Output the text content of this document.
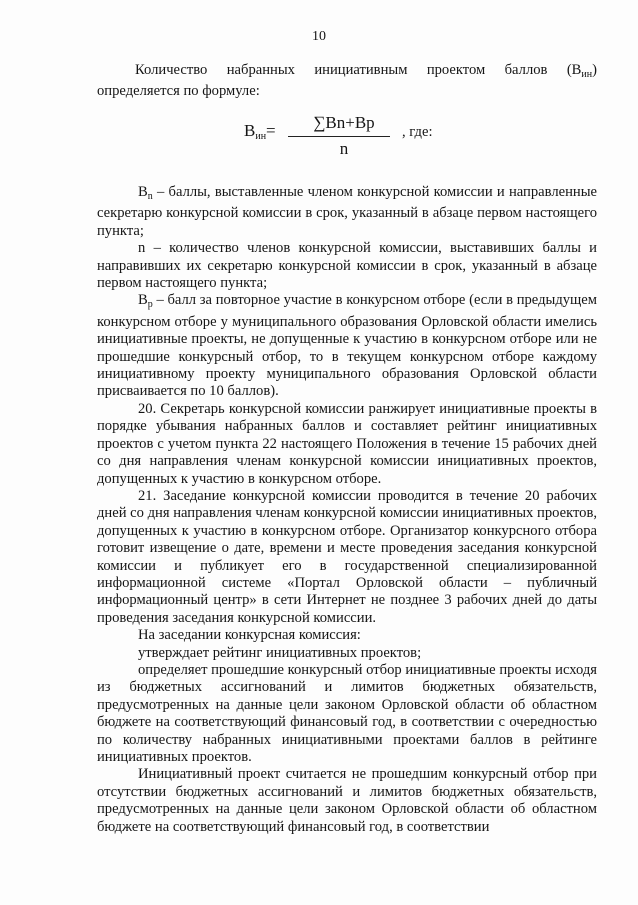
10

Количество набранных инициативным проектом баллов $(В_{ин})$ определяется по формуле:

$В_{ин}=$	∑Bn+Bp
n
, где:

$В_n$ – баллы, выставленные членом конкурсной комиссии и направленные секретарю конкурсной комиссии в срок, указанный в абзаце первом настоящего пункта;

n – количество членов конкурсной комиссии, выставивших баллы и направивших их секретарю конкурсной комиссии в срок, указанный в абзаце первом настоящего пункта;

$В_р$ – балл за повторное участие в конкурсном отборе (если в предыдущем конкурсном отборе у муниципального образования Орловской области имелись инициативные проекты, не допущенные к участию в конкурсном отборе или не прошедшие конкурсный отбор, то в текущем конкурсном отборе каждому инициативному проекту муниципального образования Орловской области присваивается по 10 баллов).

20. Секретарь конкурсной комиссии ранжирует инициативные проекты в порядке убывания набранных баллов и составляет рейтинг инициативных проектов с учетом пункта 22 настоящего Положения в течение 15 рабочих дней со дня направления членам конкурсной комиссии инициативных проектов, допущенных к участию в конкурсном отборе.

21. Заседание конкурсной комиссии проводится в течение 20 рабочих дней со дня направления членам конкурсной комиссии инициативных проектов, допущенных к участию в конкурсном отборе. Организатор конкурсного отбора готовит извещение о дате, времени и месте проведения заседания конкурсной комиссии и публикует его в государственной специализированной информационной системе «Портал Орловской области – публичный информационный центр» в сети Интернет не позднее 3 рабочих дней до даты проведения заседания конкурсной комиссии.

На заседании конкурсная комиссия:

утверждает рейтинг инициативных проектов;

определяет прошедшие конкурсный отбор инициативные проекты исходя из бюджетных ассигнований и лимитов бюджетных обязательств, предусмотренных на данные цели законом Орловской области об областном бюджете на соответствующий финансовый год, в соответствии с очередностью по количеству набранных инициативными проектами баллов в рейтинге инициативных проектов.

Инициативный проект считается не прошедшим конкурсный отбор при отсутствии бюджетных ассигнований и лимитов бюджетных обязательств, предусмотренных на данные цели законом Орловской области об областном бюджете на соответствующий финансовый год, в соответствии
